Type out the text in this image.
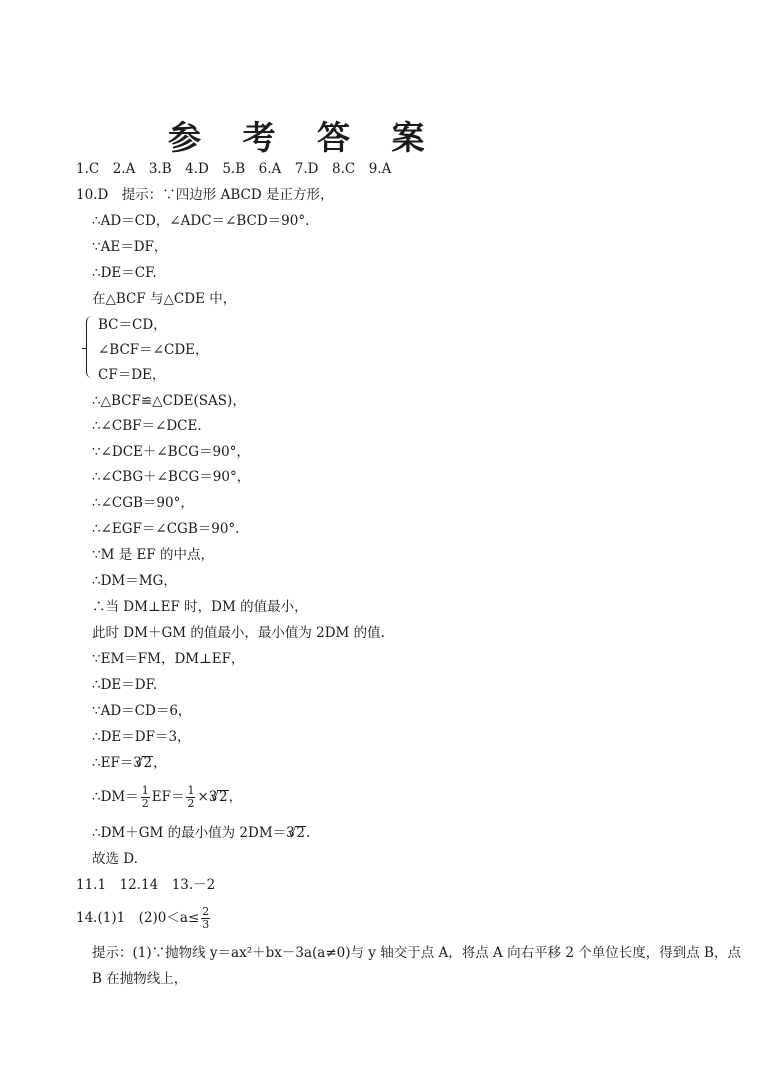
参 考 答 案
1.C　2.A　3.B　4.D　5.B　6.A　7.D　8.C　9.A
10.D　提示：∵四边形 ABCD 是正方形，
∴AD＝CD，∠ADC＝∠BCD＝90°.
∵AE＝DF，
∴DE＝CF.
在△BCF 与△CDE 中，
BC＝CD，
∠BCF＝∠CDE，
CF＝DE，
∴△BCF≌△CDE(SAS)，
∴∠CBF＝∠DCE.
∵∠DCE＋∠BCG＝90°，
∴∠CBG＋∠BCG＝90°，
∴∠CGB＝90°，
∴∠EGF＝∠CGB＝90°.
∵M 是 EF 的中点，
∴DM＝MG，
∴当 DM⊥EF 时，DM 的值最小，
此时 DM＋GM 的值最小，最小值为 2DM 的值.
∵EM＝FM，DM⊥EF，
∴DE＝DF.
∵AD＝CD＝6，
∴DE＝DF＝3，
∴EF＝3√ 2，
∴DM＝ $\frac{1}{2} EF= \frac{1}{2} \times 3√$ 2，
∴DM＋GM 的最小值为 2DM＝3√ 2.
故选 D.
11.1　12.14　13.－2
14.(1)1　$(2)0<a\le \frac{2}{3}$
提示：(1)∵抛物线 y＝ax²＋bx－3a(a≠0)与 y 轴交于点 A，将点 A 向右平移 2 个单位长度，得到点 B，点
B 在抛物线上，
